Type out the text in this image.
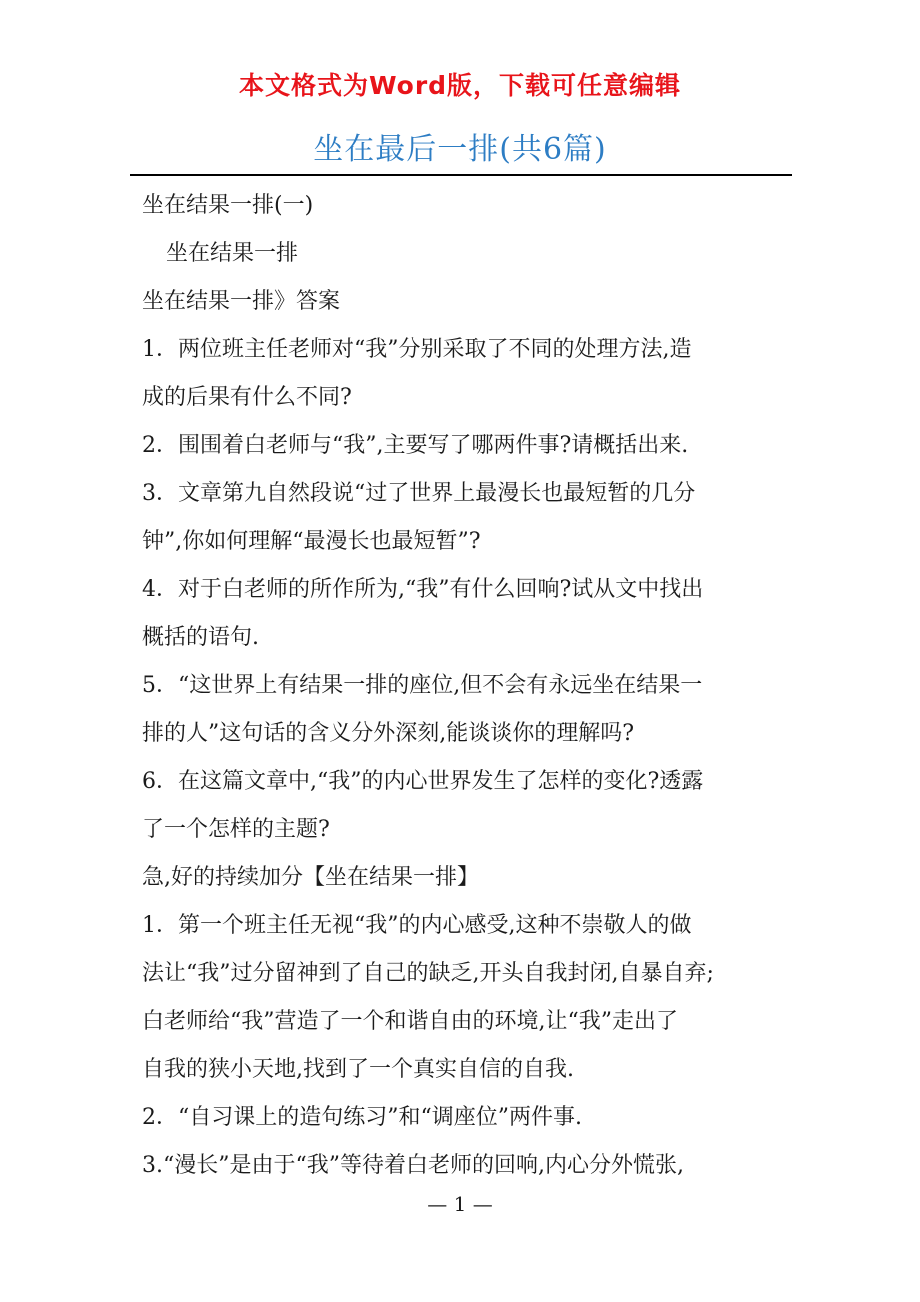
本文格式为Word版，下载可任意编辑
坐在最后一排(共6篇)
坐在结果一排(一)
坐在结果一排
坐在结果一排》答案
1．两位班主任老师对“我”分别采取了不同的处理方法,造
成的后果有什么不同?
2．围围着白老师与“我”,主要写了哪两件事?请概括出来.
3．文章第九自然段说“过了世界上最漫长也最短暂的几分
钟”,你如何理解“最漫长也最短暂”?
4．对于白老师的所作所为,“我”有什么回响?试从文中找出
概括的语句.
5．“这世界上有结果一排的座位,但不会有永远坐在结果一
排的人”这句话的含义分外深刻,能谈谈你的理解吗?
6．在这篇文章中,“我”的内心世界发生了怎样的变化?透露
了一个怎样的主题?
急,好的持续加分【坐在结果一排】
1．第一个班主任无视“我”的内心感受,这种不崇敬人的做
法让“我”过分留神到了自己的缺乏,开头自我封闭,自暴自弃;
白老师给“我”营造了一个和谐自由的环境,让“我”走出了
自我的狭小天地,找到了一个真实自信的自我.
2．“自习课上的造句练习”和“调座位”两件事.
3.“漫长”是由于“我”等待着白老师的回响,内心分外慌张,
— 1 —
